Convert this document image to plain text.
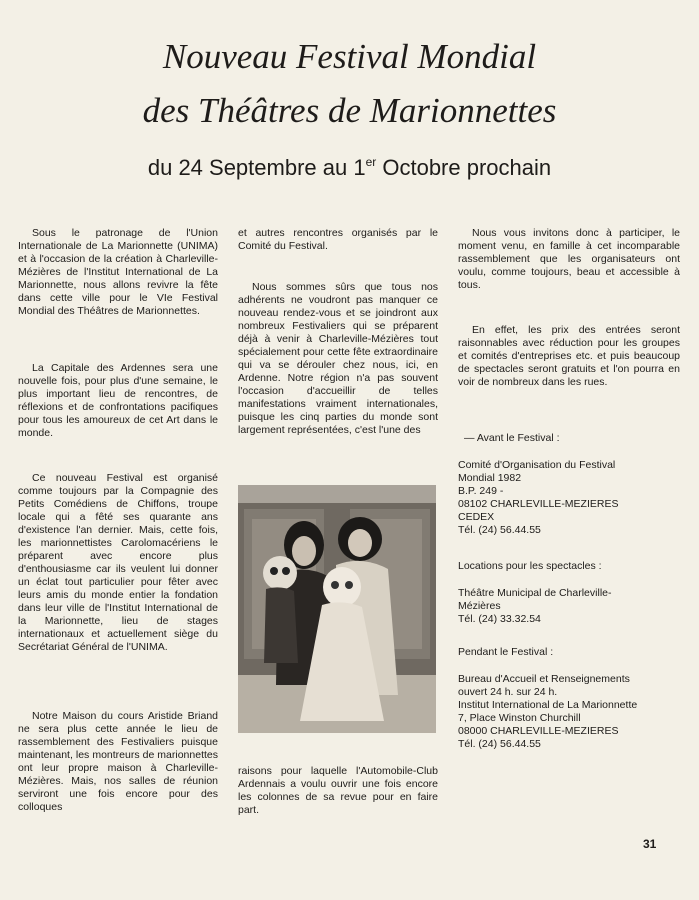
Nouveau Festival Mondial
des Théâtres de Marionnettes
du 24 Septembre au 1er Octobre prochain

Sous le patronage de l'Union Internationale de La Marionnette (UNIMA) et à l'occasion de la création à Charleville-Mézières de l'Institut International de La Marionnette, nous allons revivre la fête dans cette ville pour le VIe Festival Mondial des Théâtres de Marionnettes.

La Capitale des Ardennes sera une nouvelle fois, pour plus d'une semaine, le plus important lieu de rencontres, de réflexions et de confrontations pacifiques pour tous les amoureux de cet Art dans le monde.

Ce nouveau Festival est organisé comme toujours par la Compagnie des Petits Comédiens de Chiffons, troupe locale qui a fêté ses quarante ans d'existence l'an dernier. Mais, cette fois, les marionnettistes Carolomacériens le préparent avec encore plus d'enthousiasme car ils veulent lui donner un éclat tout particulier pour fêter avec leurs amis du monde entier la fondation dans leur ville de l'Institut International de la Marionnette, lieu de stages internationaux et actuellement siège du Secrétariat Général de l'UNIMA.

Notre Maison du cours Aristide Briand ne sera plus cette année le lieu de rassemblement des Festivaliers puisque maintenant, les montreurs de marionnettes ont leur propre maison à Charleville-Mézières. Mais, nos salles de réunion serviront une fois encore pour des colloques

et autres rencontres organisés par le Comité du Festival.

Nous sommes sûrs que tous nos adhérents ne voudront pas manquer ce nouveau rendez-vous et se joindront aux nombreux Festivaliers qui se préparent déjà à venir à Charleville-Mézières tout spécialement pour cette fête extraordinaire qui va se dérouler chez nous, ici, en Ardenne. Notre région n'a pas souvent l'occasion d'accueillir de telles manifestations vraiment internationales, puisque les cinq parties du monde sont largement représentées, c'est l'une des

raisons pour laquelle l'Automobile-Club Ardennais a voulu ouvrir une fois encore les colonnes de sa revue pour en faire part.

Nous vous invitons donc à participer, le moment venu, en famille à cet incomparable rassemblement que les organisateurs ont voulu, comme toujours, beau et accessible à tous.

En effet, les prix des entrées seront raisonnables avec réduction pour les groupes et comités d'entreprises etc. et puis beaucoup de spectacles seront gratuits et l'on pourra en voir de nombreux dans les rues.

— Avant le Festival :

Comité d'Organisation du Festival

Mondial 1982

B.P. 249 -

08102 CHARLEVILLE-MEZIERES

CEDEX

Tél. (24) 56.44.55

Locations pour les spectacles :

Théâtre Municipal de Charleville-

Mézières

Tél. (24) 33.32.54

Pendant le Festival :

Bureau d'Accueil et Renseignements

ouvert 24 h. sur 24 h.

Institut International de La Marionnette

7, Place Winston Churchill

08000 CHARLEVILLE-MEZIERES

Tél. (24) 56.44.55

31
